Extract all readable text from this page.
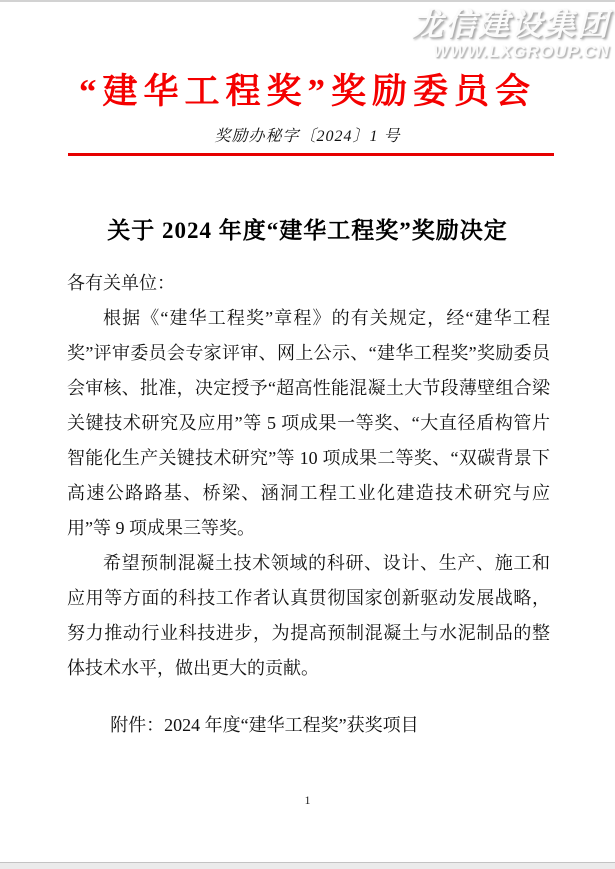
龙信建设集团
WWW.LXGROUP.CN
“建华工程奖”奖励委员会
奖励办秘字〔2024〕1 号
关于 2024 年度“建华工程奖”奖励决定

各有关单位：

根据《“建华工程奖”章程》的有关规定，经“建华工程奖”评审委员会专家评审、网上公示、“建华工程奖”奖励委员会审核、批准，决定授予“超高性能混凝土大节段薄壁组合梁关键技术研究及应用”等 5 项成果一等奖、“大直径盾构管片智能化生产关键技术研究”等 10 项成果二等奖、“双碳背景下高速公路路基、桥梁、涵洞工程工业化建造技术研究与应用”等 9 项成果三等奖。

希望预制混凝土技术领域的科研、设计、生产、施工和应用等方面的科技工作者认真贯彻国家创新驱动发展战略，努力推动行业科技进步，为提高预制混凝土与水泥制品的整体技术水平，做出更大的贡献。

附件：2024 年度“建华工程奖”获奖项目

1
